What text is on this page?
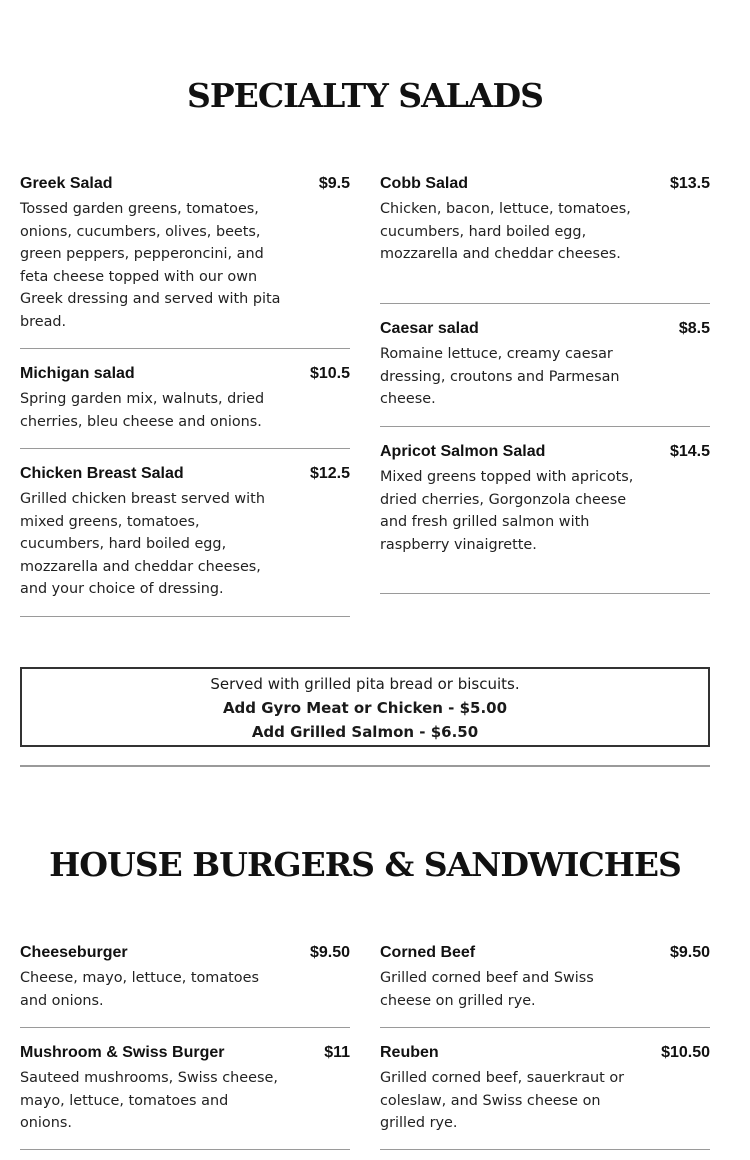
SPECIALTY SALADS
Greek Salad	$9.5
Tossed garden greens, tomatoes, onions, cucumbers, olives, beets, green peppers, pepperoncini, and feta cheese topped with our own Greek dressing and served with pita bread.
Michigan salad	$10.5
Spring garden mix, walnuts, dried cherries, bleu cheese and onions.
Chicken Breast Salad	$12.5
Grilled chicken breast served with mixed greens, tomatoes, cucumbers, hard boiled egg, mozzarella and cheddar cheeses, and your choice of dressing.
Cobb Salad	$13.5
Chicken, bacon, lettuce, tomatoes, cucumbers, hard boiled egg, mozzarella and cheddar cheeses.
Caesar salad	$8.5
Romaine lettuce, creamy caesar dressing, croutons and Parmesan cheese.
Apricot Salmon Salad	$14.5
Mixed greens topped with apricots, dried cherries, Gorgonzola cheese and fresh grilled salmon with raspberry vinaigrette.
Served with grilled pita bread or biscuits.
Add Gyro Meat or Chicken - $5.00
Add Grilled Salmon - $6.50
HOUSE BURGERS & SANDWICHES
Cheeseburger	$9.50
Cheese, mayo, lettuce, tomatoes and onions.
Mushroom & Swiss Burger	$11
Sauteed mushrooms, Swiss cheese, mayo, lettuce, tomatoes and onions.
Corned Beef	$9.50
Grilled corned beef and Swiss cheese on grilled rye.
Reuben	$10.50
Grilled corned beef, sauerkraut or coleslaw, and Swiss cheese on grilled rye.
